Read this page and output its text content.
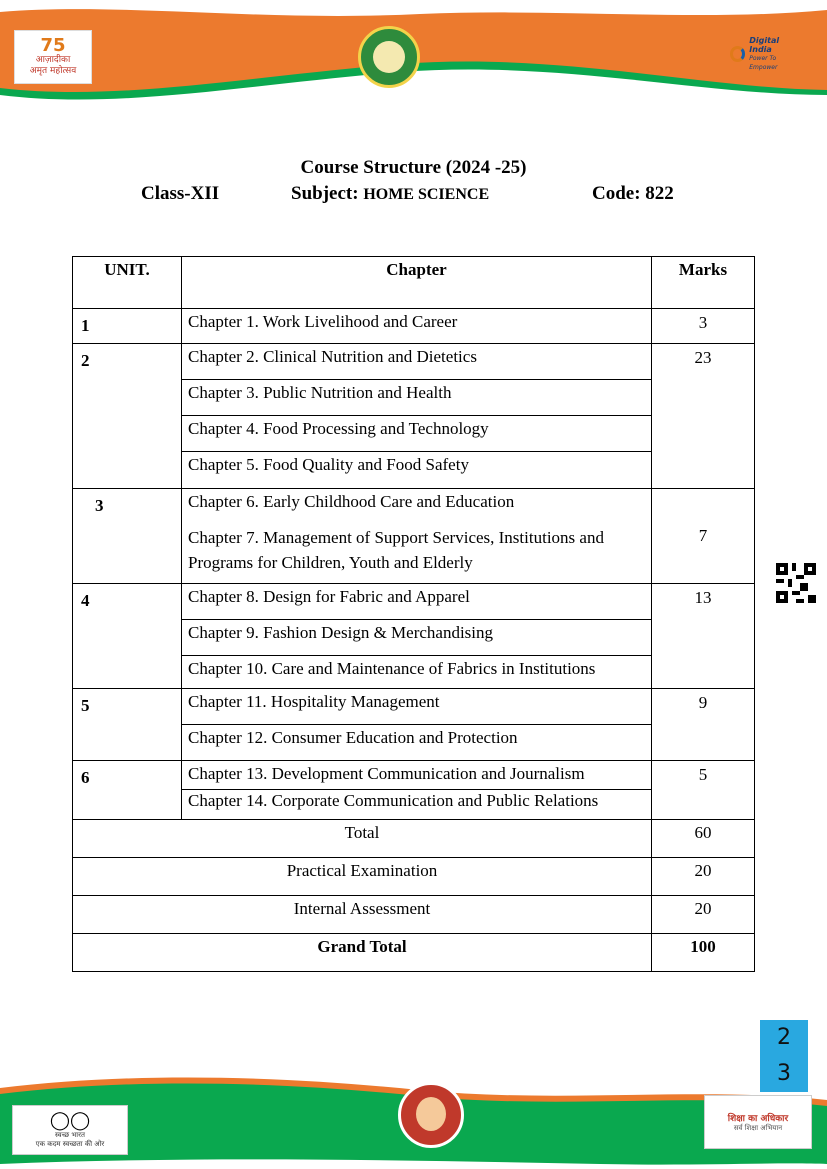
75
आज़ादीका
अमृत महोत्सव
Digital India
Power To Empower
Course Structure (2024 -25)
Class-XII	Subject: HOME SCIENCE	Code: 822
UNIT.	Chapter	Marks
1	Chapter 1. Work Livelihood and Career	3
2	Chapter 2. Clinical Nutrition and Dietetics
Chapter 3. Public Nutrition and Health
Chapter 4. Food Processing and Technology
Chapter 5. Food Quality and Food Safety	23
3	Chapter 6. Early Childhood Care and Education
Chapter 7. Management of Support Services, Institutions and Programs for Children, Youth and Elderly	7
4	Chapter 8. Design for Fabric and Apparel
Chapter 9. Fashion Design & Merchandising
Chapter 10. Care and Maintenance of Fabrics in Institutions	13
5	Chapter 11. Hospitality Management
Chapter 12. Consumer Education and Protection	9
6	Chapter 13. Development Communication and Journalism
Chapter 14. Corporate Communication and Public Relations	5
Total		60
Practical Examination		20
Internal Assessment		20
Grand Total		100
2
3
◯◯
स्वच्छ भारत
एक कदम स्वच्छता की ओर
शिक्षा का अधिकार
सर्व शिक्षा अभियान
